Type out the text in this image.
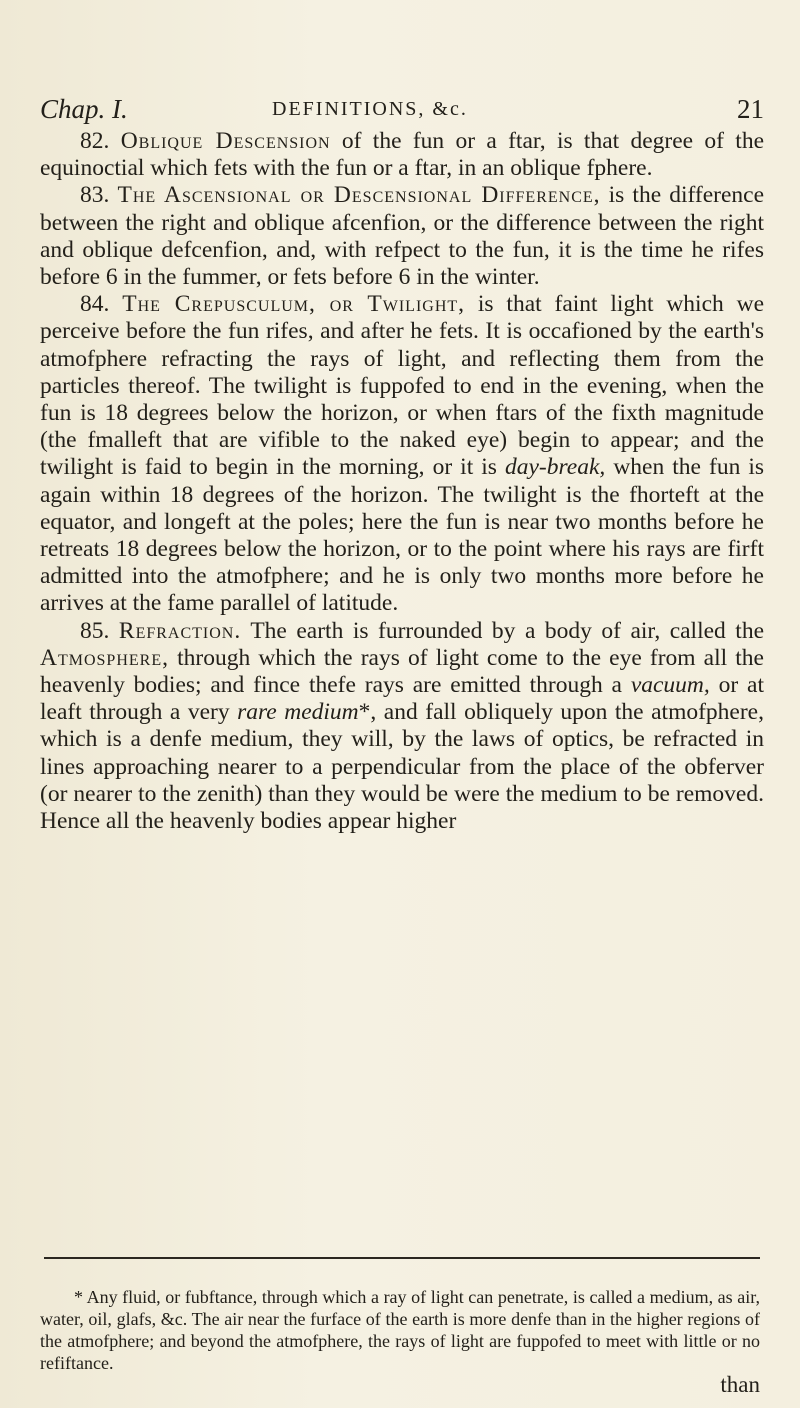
Chap. I.	DEFINITIONS, &c.	21

82. Oblique Descension of the fun or a ftar, is that degree of the equinoctial which fets with the fun or a ftar, in an oblique fphere.

83. The Ascensional or Descensional Difference, is the difference between the right and oblique afcenfion, or the difference between the right and oblique defcenfion, and, with refpect to the fun, it is the time he rifes before 6 in the fummer, or fets before 6 in the winter.

84. The Crepusculum, or Twilight, is that faint light which we perceive before the fun rifes, and after he fets. It is occafioned by the earth's atmofphere refracting the rays of light, and reflecting them from the particles thereof. The twilight is fuppofed to end in the evening, when the fun is 18 degrees below the horizon, or when ftars of the fixth magnitude (the fmalleft that are vifible to the naked eye) begin to appear; and the twilight is faid to begin in the morning, or it is day-break, when the fun is again within 18 degrees of the horizon. The twilight is the fhorteft at the equator, and longeft at the poles; here the fun is near two months before he retreats 18 degrees below the horizon, or to the point where his rays are firft admitted into the atmofphere; and he is only two months more before he arrives at the fame parallel of latitude.

85. Refraction. The earth is furrounded by a body of air, called the Atmosphere, through which the rays of light come to the eye from all the heavenly bodies; and fince thefe rays are emitted through a vacuum, or at leaft through a very rare medium*, and fall obliquely upon the atmofphere, which is a denfe medium, they will, by the laws of optics, be refracted in lines approaching nearer to a perpendicular from the place of the obferver (or nearer to the zenith) than they would be were the medium to be removed. Hence all the heavenly bodies appear higher

* Any fluid, or fubftance, through which a ray of light can penetrate, is called a medium, as air, water, oil, glafs, &c. The air near the furface of the earth is more denfe than in the higher regions of the atmofphere; and beyond the atmofphere, the rays of light are fuppofed to meet with little or no refiftance.

than
